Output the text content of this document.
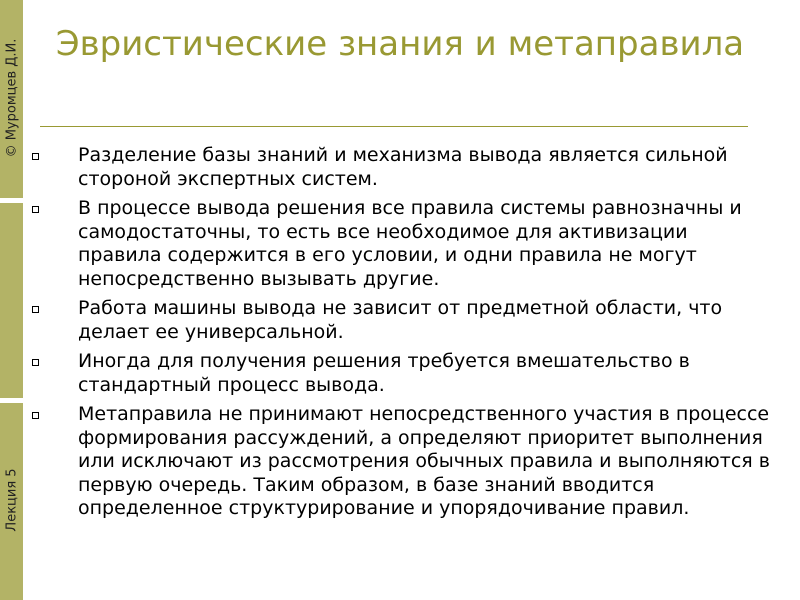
© Муромцев Д.И.
Лекция 5
Эвристические знания и метаправила
Разделение базы знаний и механизма вывода является сильной стороной экспертных систем.
В процессе вывода решения все правила системы равнозначны и самодостаточны, то есть все необходимое для активизации правила содержится в его условии, и одни правила не могут непосредственно вызывать другие.
Работа машины вывода не зависит от предметной области, что делает ее универсальной.
Иногда для получения решения требуется вмешательство в стандартный процесс вывода.
Метаправила не принимают непосредственного участия в процессе формирования рассуждений, а определяют приоритет выполнения или исключают из рассмотрения обычных правила и выполняются в первую очередь. Таким образом, в базе знаний вводится определенное структурирование и упорядочивание правил.
